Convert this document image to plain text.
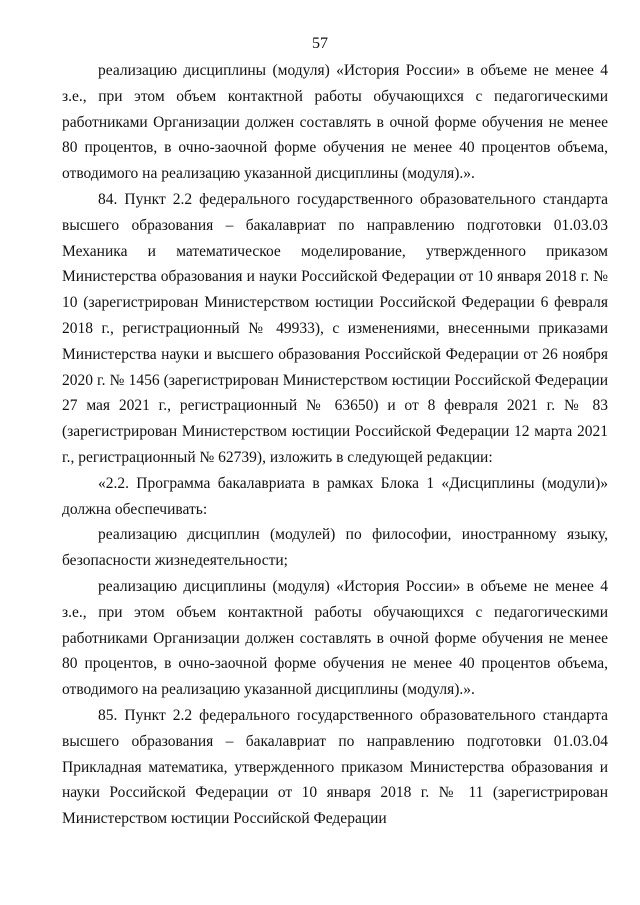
57

реализацию дисциплины (модуля) «История России» в объеме не менее 4 з.е., при этом объем контактной работы обучающихся с педагогическими работниками Организации должен составлять в очной форме обучения не менее 80 процентов, в очно-заочной форме обучения не менее 40 процентов объема, отводимого на реализацию указанной дисциплины (модуля).».

84. Пункт 2.2 федерального государственного образовательного стандарта высшего образования – бакалавриат по направлению подготовки 01.03.03 Механика и математическое моделирование, утвержденного приказом Министерства образования и науки Российской Федерации от 10 января 2018 г. № 10 (зарегистрирован Министерством юстиции Российской Федерации 6 февраля 2018 г., регистрационный № 49933), с изменениями, внесенными приказами Министерства науки и высшего образования Российской Федерации от 26 ноября 2020 г. № 1456 (зарегистрирован Министерством юстиции Российской Федерации 27 мая 2021 г., регистрационный № 63650) и от 8 февраля 2021 г. № 83 (зарегистрирован Министерством юстиции Российской Федерации 12 марта 2021 г., регистрационный № 62739), изложить в следующей редакции:

«2.2. Программа бакалавриата в рамках Блока 1 «Дисциплины (модули)» должна обеспечивать:

реализацию дисциплин (модулей) по философии, иностранному языку, безопасности жизнедеятельности;

реализацию дисциплины (модуля) «История России» в объеме не менее 4 з.е., при этом объем контактной работы обучающихся с педагогическими работниками Организации должен составлять в очной форме обучения не менее 80 процентов, в очно-заочной форме обучения не менее 40 процентов объема, отводимого на реализацию указанной дисциплины (модуля).».

85. Пункт 2.2 федерального государственного образовательного стандарта высшего образования – бакалавриат по направлению подготовки 01.03.04 Прикладная математика, утвержденного приказом Министерства образования и науки Российской Федерации от 10 января 2018 г. № 11 (зарегистрирован Министерством юстиции Российской Федерации
